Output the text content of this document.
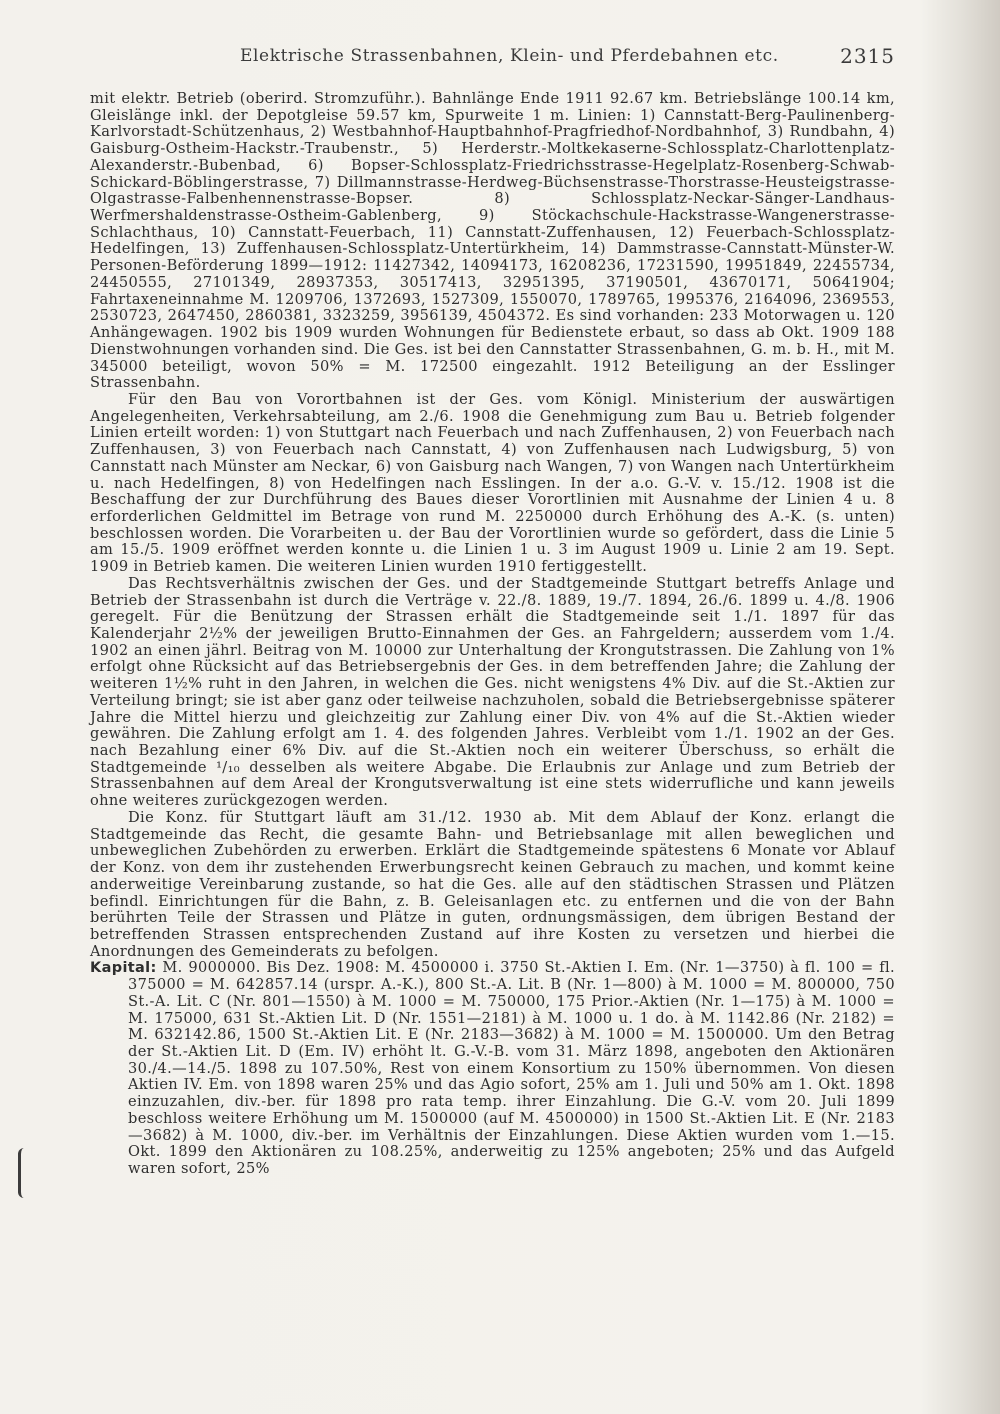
Elektrische Strassenbahnen, Klein- und Pferdebahnen etc.	2315

mit elektr. Betrieb (oberird. Stromzuführ.). Bahnlänge Ende 1911 92.67 km. Betriebslänge 100.14 km, Gleislänge inkl. der Depotgleise 59.57 km, Spurweite 1 m. Linien: 1) Cannstatt-Berg-Paulinenberg-Karlvorstadt-Schützenhaus, 2) Westbahnhof-Hauptbahnhof-Pragfriedhof-Nordbahnhof, 3) Rundbahn, 4) Gaisburg-Ostheim-Hackstr.-Traubenstr., 5) Herderstr.-Moltkekaserne-Schlossplatz-Charlottenplatz-Alexanderstr.-Bubenbad, 6) Bopser-Schlossplatz-Friedrichsstrasse-Hegelplatz-Rosenberg-Schwab-Schickard-Böblingerstrasse, 7) Dillmannstrasse-Herdweg-Büchsenstrasse-Thorstrasse-Heusteigstrasse-Olgastrasse-Falbenhennenstrasse-Bopser. 8) Schlossplatz-Neckar-Sänger-Landhaus-Werfmershaldenstrasse-Ostheim-Gablenberg, 9) Stöckachschule-Hackstrasse-Wangenerstrasse-Schlachthaus, 10) Cannstatt-Feuerbach, 11) Cannstatt-Zuffenhausen, 12) Feuerbach-Schlossplatz-Hedelfingen, 13) Zuffenhausen-Schlossplatz-Untertürkheim, 14) Dammstrasse-Cannstatt-Münster-W. Personen-Beförderung 1899—1912: 11427342, 14094173, 16208236, 17231590, 19951849, 22455734, 24450555, 27101349, 28937353, 30517413, 32951395, 37190501, 43670171, 50641904; Fahrtaxeneinnahme M. 1209706, 1372693, 1527309, 1550070, 1789765, 1995376, 2164096, 2369553, 2530723, 2647450, 2860381, 3323259, 3956139, 4504372. Es sind vorhanden: 233 Motorwagen u. 120 Anhängewagen. 1902 bis 1909 wurden Wohnungen für Bedienstete erbaut, so dass ab Okt. 1909 188 Dienstwohnungen vorhanden sind. Die Ges. ist bei den Cannstatter Strassenbahnen, G. m. b. H., mit M. 345000 beteiligt, wovon 50% = M. 172500 eingezahlt. 1912 Beteiligung an der Esslinger Strassenbahn.

Für den Bau von Vorortbahnen ist der Ges. vom Königl. Ministerium der auswärtigen Angelegenheiten, Verkehrsabteilung, am 2./6. 1908 die Genehmigung zum Bau u. Betrieb folgender Linien erteilt worden: 1) von Stuttgart nach Feuerbach und nach Zuffenhausen, 2) von Feuerbach nach Zuffenhausen, 3) von Feuerbach nach Cannstatt, 4) von Zuffenhausen nach Ludwigsburg, 5) von Cannstatt nach Münster am Neckar, 6) von Gaisburg nach Wangen, 7) von Wangen nach Untertürkheim u. nach Hedelfingen, 8) von Hedelfingen nach Esslingen. In der a.o. G.-V. v. 15./12. 1908 ist die Beschaffung der zur Durchführung des Baues dieser Vorortlinien mit Ausnahme der Linien 4 u. 8 erforderlichen Geldmittel im Betrage von rund M. 2250000 durch Erhöhung des A.-K. (s. unten) beschlossen worden. Die Vorarbeiten u. der Bau der Vorortlinien wurde so gefördert, dass die Linie 5 am 15./5. 1909 eröffnet werden konnte u. die Linien 1 u. 3 im August 1909 u. Linie 2 am 19. Sept. 1909 in Betrieb kamen. Die weiteren Linien wurden 1910 fertiggestellt.

Das Rechtsverhältnis zwischen der Ges. und der Stadtgemeinde Stuttgart betreffs Anlage und Betrieb der Strassenbahn ist durch die Verträge v. 22./8. 1889, 19./7. 1894, 26./6. 1899 u. 4./8. 1906 geregelt. Für die Benützung der Strassen erhält die Stadtgemeinde seit 1./1. 1897 für das Kalenderjahr 2½% der jeweiligen Brutto-Einnahmen der Ges. an Fahrgeldern; ausserdem vom 1./4. 1902 an einen jährl. Beitrag von M. 10000 zur Unterhaltung der Krongutstrassen. Die Zahlung von 1% erfolgt ohne Rücksicht auf das Betriebsergebnis der Ges. in dem betreffenden Jahre; die Zahlung der weiteren 1½% ruht in den Jahren, in welchen die Ges. nicht wenigstens 4% Div. auf die St.-Aktien zur Verteilung bringt; sie ist aber ganz oder teilweise nachzuholen, sobald die Betriebsergebnisse späterer Jahre die Mittel hierzu und gleichzeitig zur Zahlung einer Div. von 4% auf die St.-Aktien wieder gewähren. Die Zahlung erfolgt am 1. 4. des folgenden Jahres. Verbleibt vom 1./1. 1902 an der Ges. nach Bezahlung einer 6% Div. auf die St.-Aktien noch ein weiterer Überschuss, so erhält die Stadtgemeinde ¹/₁₀ desselben als weitere Abgabe. Die Erlaubnis zur Anlage und zum Betrieb der Strassenbahnen auf dem Areal der Krongutsverwaltung ist eine stets widerrufliche und kann jeweils ohne weiteres zurückgezogen werden.

Die Konz. für Stuttgart läuft am 31./12. 1930 ab. Mit dem Ablauf der Konz. erlangt die Stadtgemeinde das Recht, die gesamte Bahn- und Betriebsanlage mit allen beweglichen und unbeweglichen Zubehörden zu erwerben. Erklärt die Stadtgemeinde spätestens 6 Monate vor Ablauf der Konz. von dem ihr zustehenden Erwerbungsrecht keinen Gebrauch zu machen, und kommt keine anderweitige Vereinbarung zustande, so hat die Ges. alle auf den städtischen Strassen und Plätzen befindl. Einrichtungen für die Bahn, z. B. Geleisanlagen etc. zu entfernen und die von der Bahn berührten Teile der Strassen und Plätze in guten, ordnungsmässigen, dem übrigen Bestand der betreffenden Strassen entsprechenden Zustand auf ihre Kosten zu versetzen und hierbei die Anordnungen des Gemeinderats zu befolgen.

Kapital: M. 9000000. Bis Dez. 1908: M. 4500000 i. 3750 St.-Aktien I. Em. (Nr. 1—3750) à fl. 100 = fl. 375000 = M. 642857.14 (urspr. A.-K.), 800 St.-A. Lit. B (Nr. 1—800) à M. 1000 = M. 800000, 750 St.-A. Lit. C (Nr. 801—1550) à M. 1000 = M. 750000, 175 Prior.-Aktien (Nr. 1—175) à M. 1000 = M. 175000, 631 St.-Aktien Lit. D (Nr. 1551—2181) à M. 1000 u. 1 do. à M. 1142.86 (Nr. 2182) = M. 632142.86, 1500 St.-Aktien Lit. E (Nr. 2183—3682) à M. 1000 = M. 1500000. Um den Betrag der St.-Aktien Lit. D (Em. IV) erhöht lt. G.-V.-B. vom 31. März 1898, angeboten den Aktionären 30./4.—14./5. 1898 zu 107.50%, Rest von einem Konsortium zu 150% übernommen. Von diesen Aktien IV. Em. von 1898 waren 25% und das Agio sofort, 25% am 1. Juli und 50% am 1. Okt. 1898 einzuzahlen, div.-ber. für 1898 pro rata temp. ihrer Einzahlung. Die G.-V. vom 20. Juli 1899 beschloss weitere Erhöhung um M. 1500000 (auf M. 4500000) in 1500 St.-Aktien Lit. E (Nr. 2183—3682) à M. 1000, div.-ber. im Verhältnis der Einzahlungen. Diese Aktien wurden vom 1.—15. Okt. 1899 den Aktionären zu 108.25%, anderweitig zu 125% angeboten; 25% und das Aufgeld waren sofort, 25%
